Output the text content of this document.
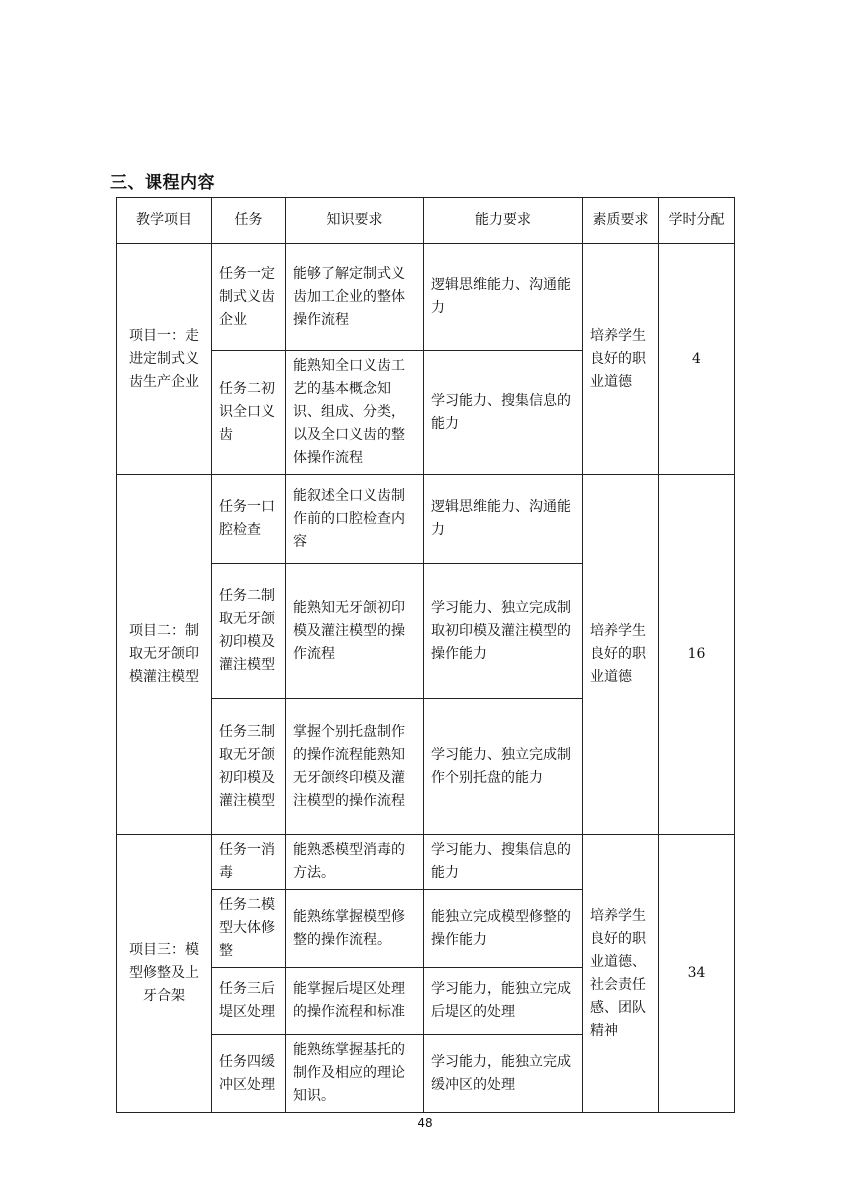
三、课程内容
教学项目	任务	知识要求	能力要求	素质要求	学时分配
项目一：走进定制式义齿生产企业	任务一定制式义齿企业	能够了解定制式义齿加工企业的整体操作流程	逻辑思维能力、沟通能力	培养学生良好的职业道德	4
	任务二初识全口义齿	能熟知全口义齿工艺的基本概念知识、组成、分类，以及全口义齿的整体操作流程	学习能力、搜集信息的能力		
项目二：制取无牙颌印模灌注模型	任务一口腔检查	能叙述全口义齿制作前的口腔检查内容	逻辑思维能力、沟通能力	培养学生良好的职业道德	16
	任务二制取无牙颌初印模及灌注模型	能熟知无牙颌初印模及灌注模型的操作流程	学习能力、独立完成制取初印模及灌注模型的操作能力		
	任务三制取无牙颌初印模及灌注模型	掌握个别托盘制作的操作流程能熟知无牙颌终印模及灌注模型的操作流程	学习能力、独立完成制作个别托盘的能力		
项目三：模型修整及上牙合架	任务一消毒	能熟悉模型消毒的方法。	学习能力、搜集信息的能力	培养学生良好的职业道德、社会责任感、团队精神	34
	任务二模型大体修整	能熟练掌握模型修整的操作流程。	能独立完成模型修整的操作能力		
	任务三后堤区处理	能掌握后堤区处理的操作流程和标准	学习能力，能独立完成后堤区的处理		
	任务四缓冲区处理	能熟练掌握基托的制作及相应的理论知识。	学习能力，能独立完成缓冲区的处理		
48
